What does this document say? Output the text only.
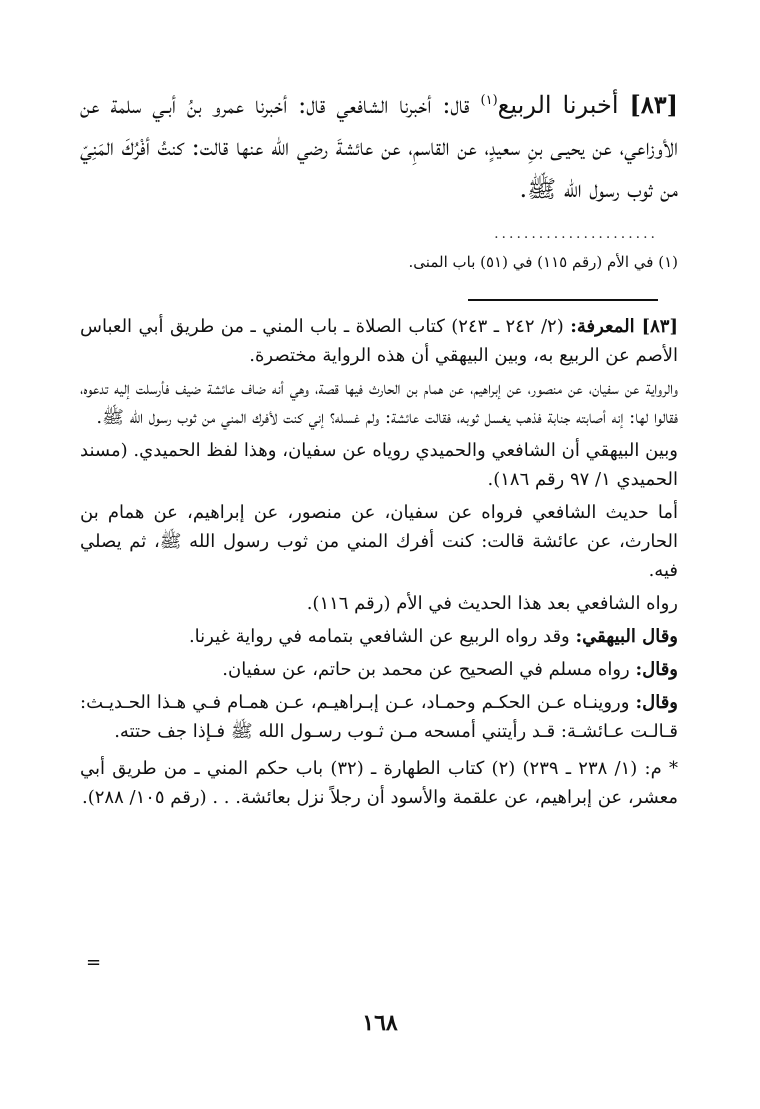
[٨٣] أخبرنا الربيع$^{(١)}$ قال: أخبرنا الشافعي قال: أخبرنا عمرو بنُ أبـي سلمة عن الأوزاعي، عن يحيـى بنِ سعيدٍ، عن القاسمِ، عن عائشةَ رضي الله عنها قالت: كنتُ أفْرُكَ المَنِيّ من ثوب رسول الله ﷺ.
......................
(١) في الأم (رقم ١١٥) في (٥١) باب المنى.

[٨٣] المعرفة: (٢/ ٢٤٢ ـ ٢٤٣) كتاب الصلاة ـ باب المني ـ من طريق أبي العباس الأصم عن الربيع به، وبين البيهقي أن هذه الرواية مختصرة.

والرواية عن سفيان، عن منصور، عن إبراهيم، عن همام بن الحارث فيها قصة، وهي أنه ضاف عائشة ضيف فأرسلت إليه تدعوه، فقالوا لها: إنه أصابته جنابة فذهب يغسل ثوبه، فقالت عائشة: ولم غسله؟ إني كنت لأفرك المني من ثوب رسول الله ﷺ.

وبين البيهقي أن الشافعي والحميدي روياه عن سفيان، وهذا لفظ الحميدي. (مسند الحميدي ١/ ٩٧ رقم ١٨٦).

أما حديث الشافعي فرواه عن سفيان، عن منصور، عن إبراهيم، عن همام بن الحارث، عن عائشة قالت: كنت أفرك المني من ثوب رسول الله ﷺ، ثم يصلي فيه.

رواه الشافعي بعد هذا الحديث في الأم (رقم ١١٦).

وقال البيهقي: وقد رواه الربيع عن الشافعي بتمامه في رواية غيرنا.

وقال: رواه مسلم في الصحيح عن محمد بن حاتم، عن سفيان.

وقال: وروينـاه عـن الحكـم وحمـاد، عـن إبـراهيـم، عـن همـام فـي هـذا الحـديـث: قـالـت عـائشـة: قـد رأيتني أمسحه مـن ثـوب رسـول الله ﷺ فـإذا جف حتته.

* م: (١/ ٢٣٨ ـ ٢٣٩) (٢) كتاب الطهارة ـ (٣٢) باب حكم المني ـ من طريق أبي معشر، عن إبراهيم، عن علقمة والأسود أن رجلاً نزل بعائشة. . . (رقم ١٠٥/ ٢٨٨).

=
١٦٨
